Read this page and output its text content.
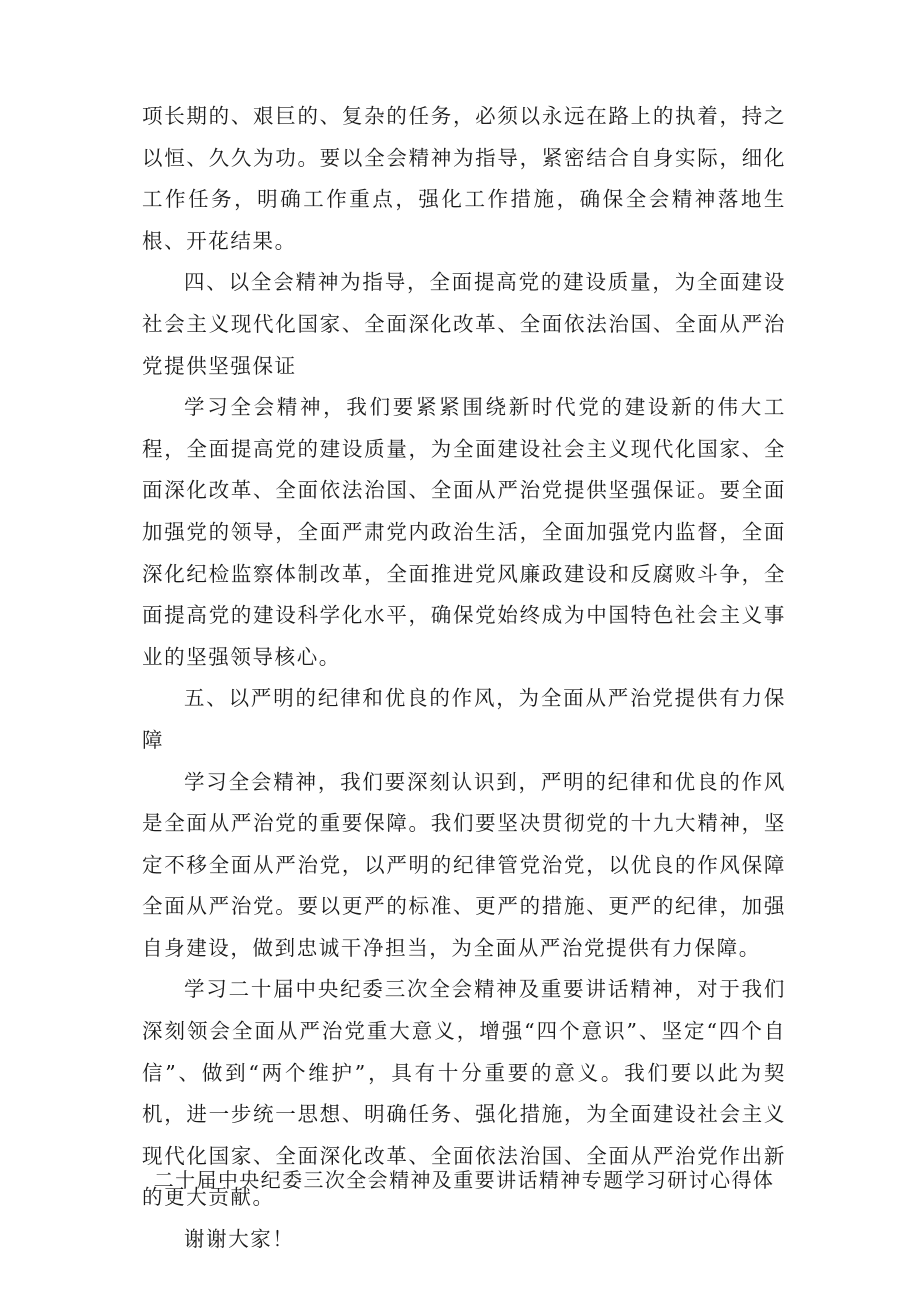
项长期的、艰巨的、复杂的任务，必须以永远在路上的执着，持之以恒、久久为功。要以全会精神为指导，紧密结合自身实际，细化工作任务，明确工作重点，强化工作措施，确保全会精神落地生根、开花结果。

四、以全会精神为指导，全面提高党的建设质量，为全面建设社会主义现代化国家、全面深化改革、全面依法治国、全面从严治党提供坚强保证

学习全会精神，我们要紧紧围绕新时代党的建设新的伟大工程，全面提高党的建设质量，为全面建设社会主义现代化国家、全面深化改革、全面依法治国、全面从严治党提供坚强保证。要全面加强党的领导，全面严肃党内政治生活，全面加强党内监督，全面深化纪检监察体制改革，全面推进党风廉政建设和反腐败斗争，全面提高党的建设科学化水平，确保党始终成为中国特色社会主义事业的坚强领导核心。

五、以严明的纪律和优良的作风，为全面从严治党提供有力保障

学习全会精神，我们要深刻认识到，严明的纪律和优良的作风是全面从严治党的重要保障。我们要坚决贯彻党的十九大精神，坚定不移全面从严治党，以严明的纪律管党治党，以优良的作风保障全面从严治党。要以更严的标准、更严的措施、更严的纪律，加强自身建设，做到忠诚干净担当，为全面从严治党提供有力保障。

学习二十届中央纪委三次全会精神及重要讲话精神，对于我们深刻领会全面从严治党重大意义，增强“四个意识”、坚定“四个自信”、做到“两个维护”，具有十分重要的意义。我们要以此为契机，进一步统一思想、明确任务、强化措施，为全面建设社会主义现代化国家、全面深化改革、全面依法治国、全面从严治党作出新的更大贡献。

谢谢大家！

二十届中央纪委三次全会精神及重要讲话精神专题学习研讨心得体
